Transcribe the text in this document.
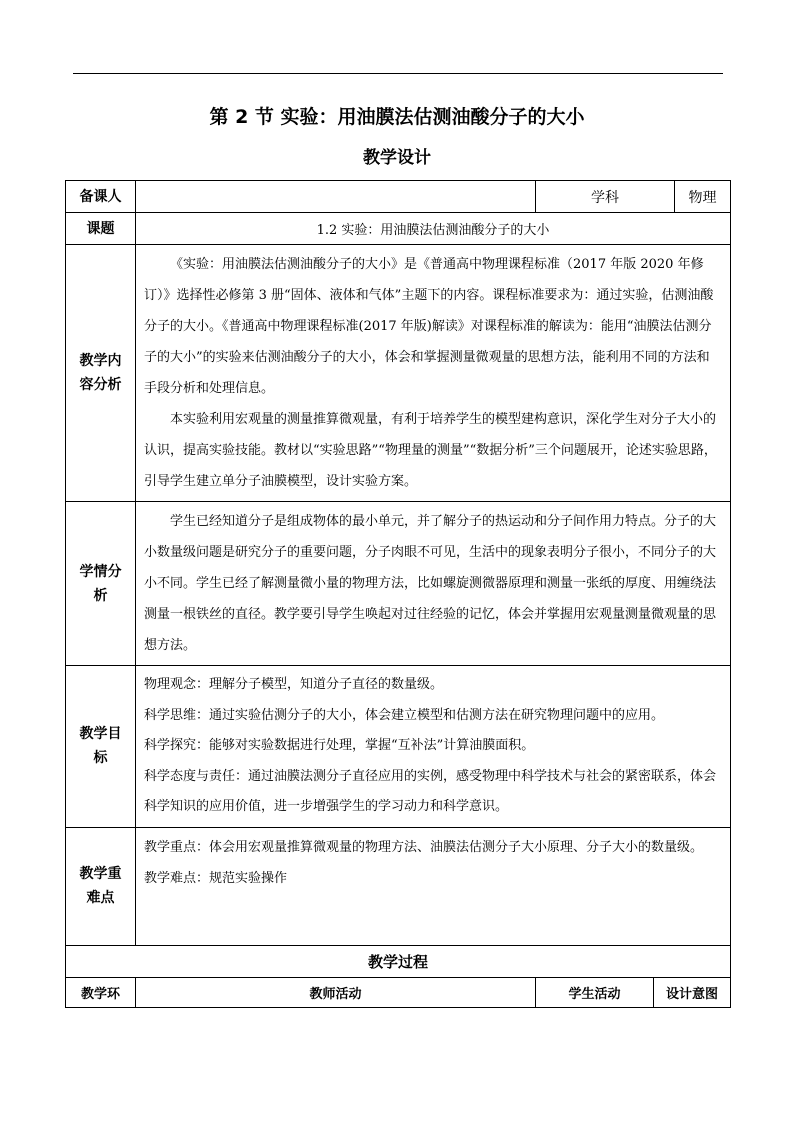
第 2 节 实验：用油膜法估测油酸分子的大小
教学设计
备课人		学科		物理
课题	1.2 实验：用油膜法估测油酸分子的大小			

教学内容分析	《实验：用油膜法估测油酸分子的大小》是《普通高中物理课程标准（2017 年版 2020 年修订）》选择性必修第 3 册“固体、液体和气体”主题下的内容。课程标准要求为：通过实验，估测油酸分子的大小。《普通高中物理课程标准(2017 年版)解读》对课程标准的解读为：能用“油膜法估测分子的大小”的实验来估测油酸分子的大小，体会和掌握测量微观量的思想方法，能利用不同的方法和手段分析和处理信息。

本实验利用宏观量的测量推算微观量，有利于培养学生的模型建构意识，深化学生对分子大小的认识，提高实验技能。教材以“实验思路”“物理量的测量”“数据分析”三个问题展开，论述实验思路，引导学生建立单分子油膜模型，设计实验方案。			

学情分析	学生已经知道分子是组成物体的最小单元，并了解分子的热运动和分子间作用力特点。分子的大小数量级问题是研究分子的重要问题，分子肉眼不可见，生活中的现象表明分子很小，不同分子的大小不同。学生已经了解测量微小量的物理方法，比如螺旋测微器原理和测量一张纸的厚度、用缠绕法测量一根铁丝的直径。教学要引导学生唤起对过往经验的记忆，体会并掌握用宏观量测量微观量的思想方法。			

教学目标	物理观念：理解分子模型，知道分子直径的数量级。

科学思维：通过实验估测分子的大小，体会建立模型和估测方法在研究物理问题中的应用。

科学探究：能够对实验数据进行处理，掌握“互补法”计算油膜面积。

科学态度与责任：通过油膜法测分子直径应用的实例，感受物理中科学技术与社会的紧密联系，体会科学知识的应用价值，进一步增强学生的学习动力和科学意识。			

教学重难点	教学重点：体会用宏观量推算微观量的物理方法、油膜法估测分子大小原理、分子大小的数量级。

教学难点：规范实验操作			

教学过程				
教学环	教师活动	学生活动	设计意图	
